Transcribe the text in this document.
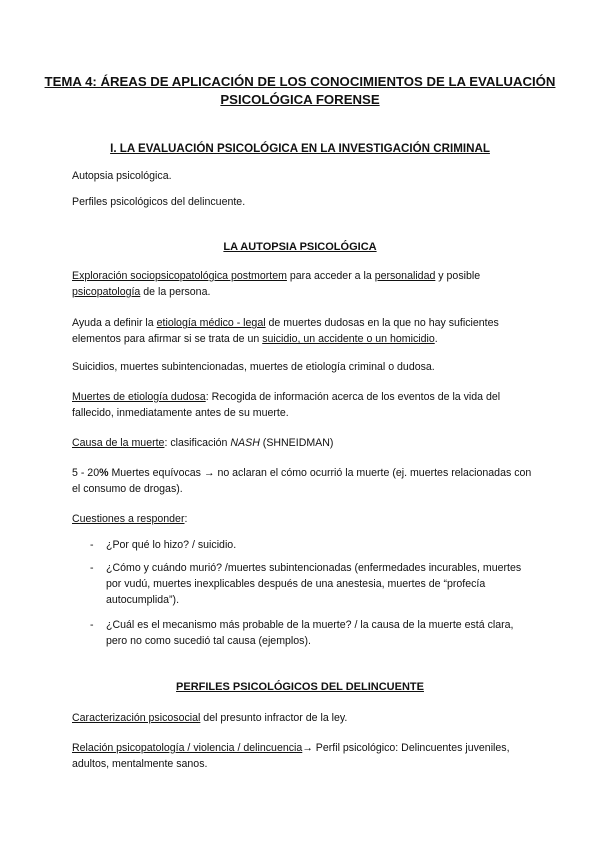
TEMA 4: ÁREAS DE APLICACIÓN DE LOS CONOCIMIENTOS DE LA EVALUACIÓN PSICOLÓGICA FORENSE
I. LA EVALUACIÓN PSICOLÓGICA EN LA INVESTIGACIÓN CRIMINAL

Autopsia psicológica.

Perfiles psicológicos del delincuente.

LA AUTOPSIA PSICOLÓGICA

Exploración sociopsicopatológica postmortem para acceder a la personalidad y posible psicopatología de la persona.

Ayuda a definir la etiología médico - legal de muertes dudosas en la que no hay suficientes elementos para afirmar si se trata de un suicidio, un accidente o un homicidio.

Suicidios, muertes subintencionadas, muertes de etiología criminal o dudosa.

Muertes de etiología dudosa: Recogida de información acerca de los eventos de la vida del fallecido, inmediatamente antes de su muerte.

Causa de la muerte: clasificación NASH (SHNEIDMAN)

5 - 20% Muertes equívocas → no aclaran el cómo ocurrió la muerte (ej. muertes relacionadas con el consumo de drogas).

Cuestiones a responder:

- ¿Por qué lo hizo? / suicidio.
- ¿Cómo y cuándo murió? /muertes subintencionadas (enfermedades incurables, muertes por vudú, muertes inexplicables después de una anestesia, muertes de “profecía autocumplida”).
- ¿Cuál es el mecanismo más probable de la muerte? / la causa de la muerte está clara, pero no como sucedió tal causa (ejemplos).
PERFILES PSICOLÓGICOS DEL DELINCUENTE

Caracterización psicosocial del presunto infractor de la ley.

Relación psicopatología / violencia / delincuencia→ Perfil psicológico: Delincuentes juveniles, adultos, mentalmente sanos.
